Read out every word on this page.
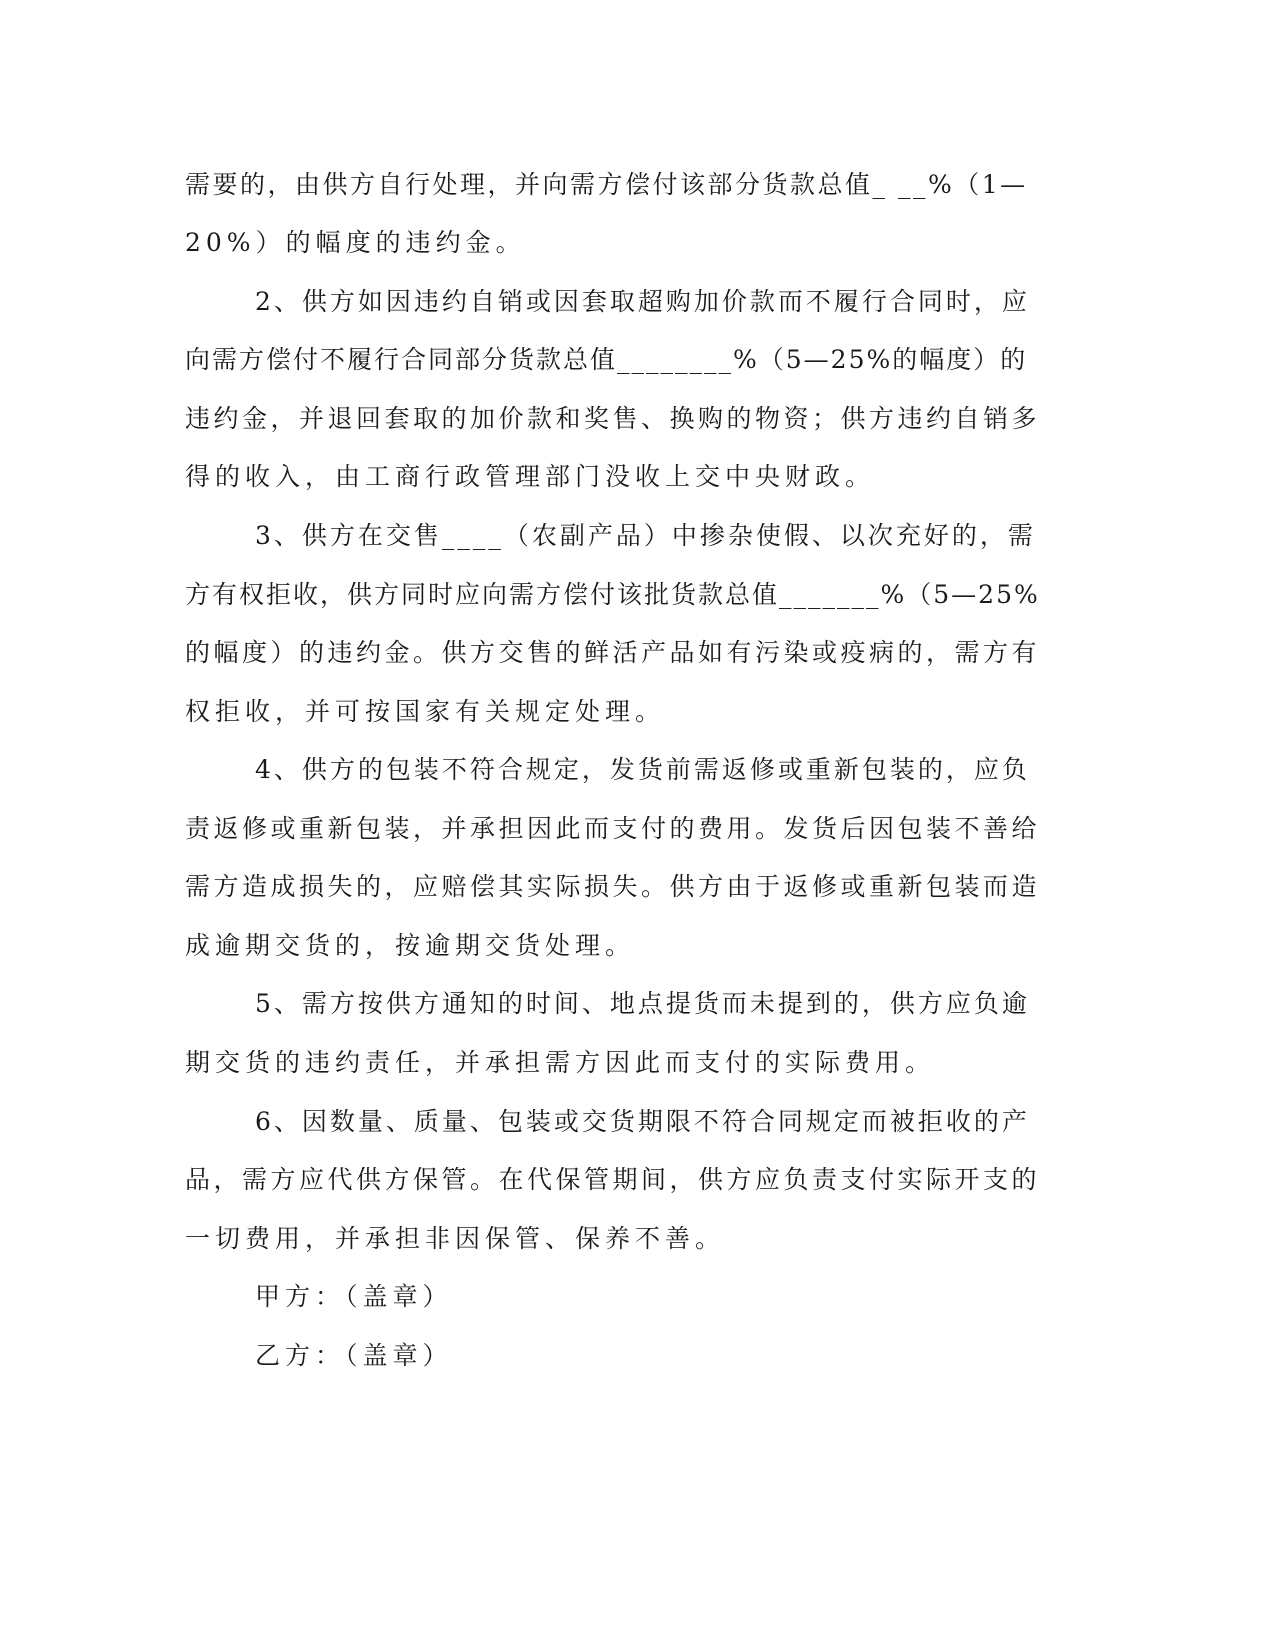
需要的，由供方自行处理，并向需方偿付该部分货款总值_ __%（1—
20%）的幅度的违约金。
2、供方如因违约自销或因套取超购加价款而不履行合同时，应
向需方偿付不履行合同部分货款总值________%（5—25%的幅度）的
违约金，并退回套取的加价款和奖售、换购的物资；供方违约自销多
得的收入，由工商行政管理部门没收上交中央财政。
3、供方在交售____（农副产品）中掺杂使假、以次充好的，需
方有权拒收，供方同时应向需方偿付该批货款总值_______%（5—25%
的幅度）的违约金。供方交售的鲜活产品如有污染或疫病的，需方有
权拒收，并可按国家有关规定处理。
4、供方的包装不符合规定，发货前需返修或重新包装的，应负
责返修或重新包装，并承担因此而支付的费用。发货后因包装不善给
需方造成损失的，应赔偿其实际损失。供方由于返修或重新包装而造
成逾期交货的，按逾期交货处理。
5、需方按供方通知的时间、地点提货而未提到的，供方应负逾
期交货的违约责任，并承担需方因此而支付的实际费用。
6、因数量、质量、包装或交货期限不符合同规定而被拒收的产
品，需方应代供方保管。在代保管期间，供方应负责支付实际开支的
一切费用，并承担非因保管、保养不善。
甲方：（盖章）
乙方：（盖章）
